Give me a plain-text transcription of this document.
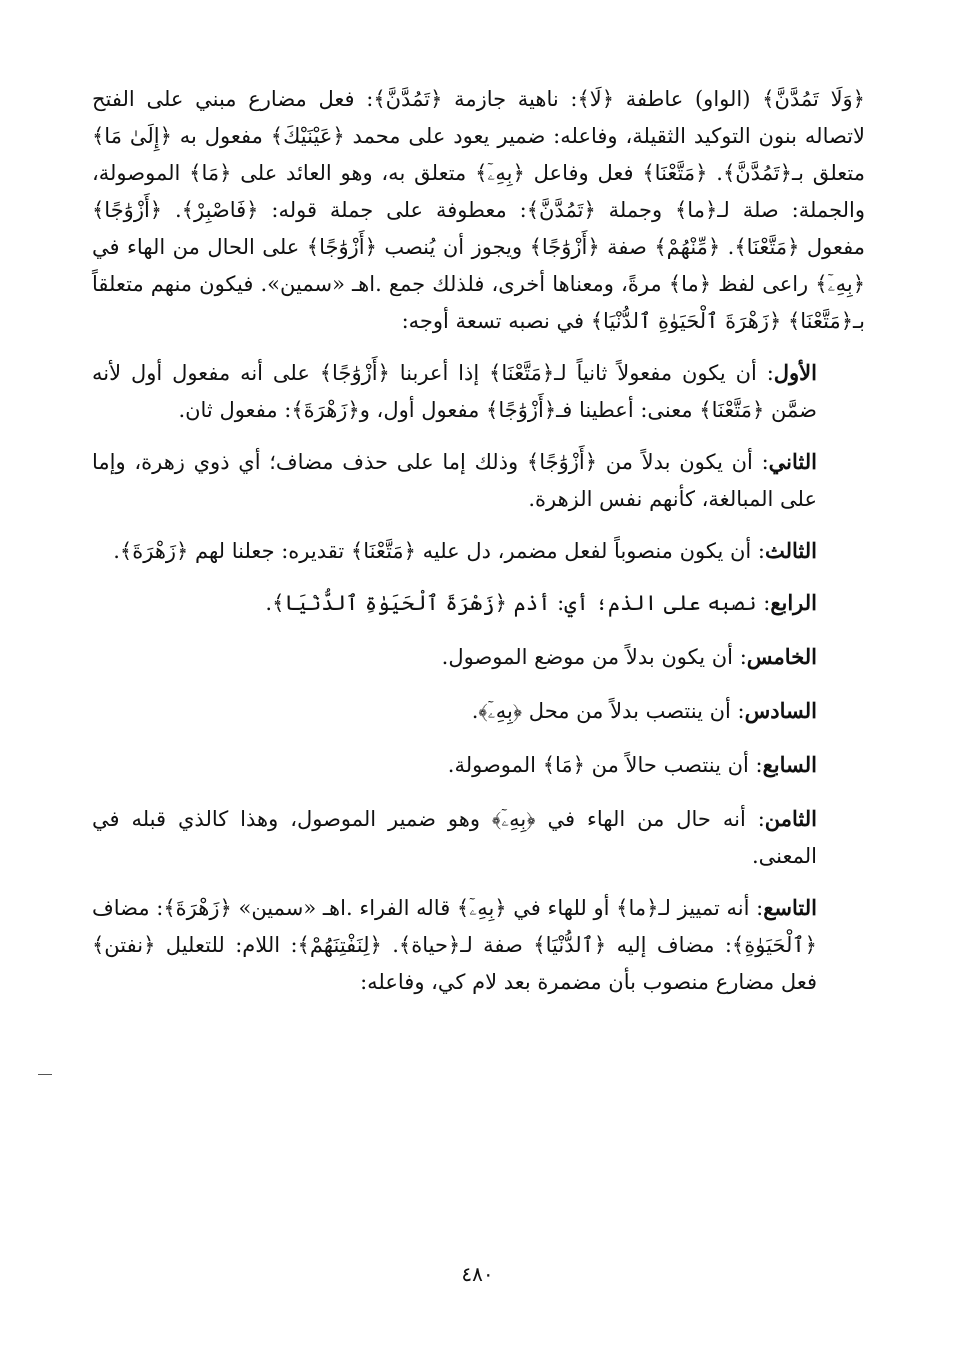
﴿وَلَا تَمُدَّنَّ﴾ (الواو) عاطفة ﴿لَا﴾: ناهية جازمة ﴿تَمُدَّنَّ﴾: فعل مضارع مبني على الفتح لاتصاله بنون التوكيد الثقيلة، وفاعله: ضمير يعود على محمد ﴿عَيْنَيْكَ﴾ مفعول به ﴿إِلَىٰ مَا﴾ متعلق بـ﴿تَمُدَّنَّ﴾. ﴿مَتَّعْنَا﴾ فعل وفاعل ﴿بِهِۦٓ﴾ متعلق به، وهو العائد على ﴿مَا﴾ الموصولة، والجملة: صلة لـ﴿ما﴾ وجملة ﴿تَمُدَّنَّ﴾: معطوفة على جملة قوله: ﴿فَاصْبِرْ﴾. ﴿أَزْوَٰجًا﴾ مفعول ﴿مَتَّعْنَا﴾. ﴿مِّنْهُمْ﴾ صفة ﴿أَزْوَٰجًا﴾ ويجوز أن يُنصب ﴿أَزْوَٰجًا﴾ على الحال من الهاء في ﴿بِهِۦٓ﴾ راعى لفظ ﴿ما﴾ مرةً، ومعناها أخرى، فلذلك جمع .اهـ «سمين». فيكون منهم متعلقاً بـ﴿مَتَّعْنَا﴾ ﴿زَهْرَةَ ٱلْحَيَوٰةِ ٱلدُّنْيَا﴾ في نصبه تسعة أوجه:

الأول: أن يكون مفعولاً ثانياً لـ﴿مَتَّعْنَا﴾ إذا أعربنا ﴿أَزْوَٰجًا﴾ على أنه مفعول أول لأنه ضمَّن ﴿مَتَّعْنَا﴾ معنى: أعطينا فـ﴿أَزْوَٰجًا﴾ مفعول أول، و﴿زَهْرَةَ﴾: مفعول ثان.

الثاني: أن يكون بدلاً من ﴿أَزْوَٰجًا﴾ وذلك إما على حذف مضاف؛ أي ذوي زهرة، وإما على المبالغة، كأنهم نفس الزهرة.

الثالث: أن يكون منصوباً لفعل مضمر، دل عليه ﴿مَتَّعْنَا﴾ تقديره: جعلنا لهم ﴿زَهْرَةَ﴾.

الرابع: نصبه على الذم؛ أي: أذم ﴿زَهْرَةَ ٱلْحَيَوٰةِ ٱلدُّنْيَا﴾.

الخامس: أن يكون بدلاً من موضع الموصول.

السادس: أن ينتصب بدلاً من محل ﴿بِهِۦٓ﴾.

السابع: أن ينتصب حالاً من ﴿مَا﴾ الموصولة.

الثامن: أنه حال من الهاء في ﴿بِهِۦٓ﴾ وهو ضمير الموصول، وهذا كالذي قبله في المعنى.

التاسع: أنه تمييز لـ﴿ما﴾ أو للهاء في ﴿بِهِۦٓ﴾ قاله الفراء .اهـ «سمين» ﴿زَهْرَةَ﴾: مضاف ﴿ٱلْحَيَوٰةِ﴾: مضاف إليه ﴿ٱلدُّنْيَا﴾ صفة لـ﴿حياة﴾. ﴿لِنَفْتِنَهُمْ﴾: اللام: للتعليل ﴿نفتن﴾ فعل مضارع منصوب بأن مضمرة بعد لام كي، وفاعله:

٤٨٠
